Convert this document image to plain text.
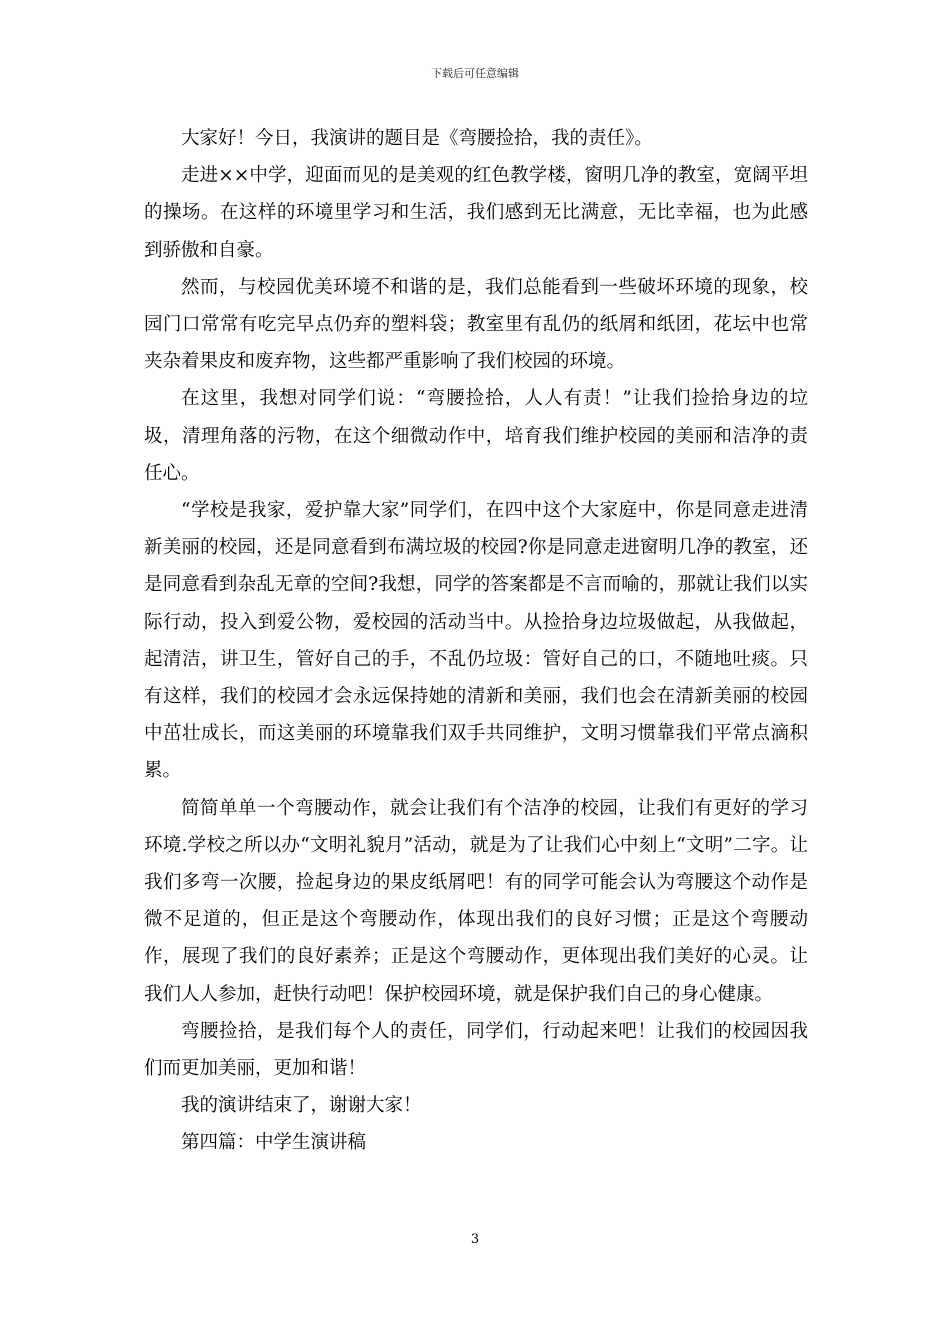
下载后可任意编辑

大家好！今日，我演讲的题目是《弯腰捡拾，我的责任》。

走进××中学，迎面而见的是美观的红色教学楼，窗明几净的教室，宽阔平坦的操场。在这样的环境里学习和生活，我们感到无比满意，无比幸福，也为此感到骄傲和自豪。

然而，与校园优美环境不和谐的是，我们总能看到一些破坏环境的现象，校园门口常常有吃完早点仍弃的塑料袋；教室里有乱仍的纸屑和纸团，花坛中也常夹杂着果皮和废弃物，这些都严重影响了我们校园的环境。

在这里，我想对同学们说：“弯腰捡拾，人人有责！”让我们捡拾身边的垃圾，清理角落的污物，在这个细微动作中，培育我们维护校园的美丽和洁净的责任心。

“学校是我家，爱护靠大家”同学们，在四中这个大家庭中，你是同意走进清新美丽的校园，还是同意看到布满垃圾的校园?你是同意走进窗明几净的教室，还是同意看到杂乱无章的空间?我想，同学的答案都是不言而喻的，那就让我们以实际行动，投入到爱公物，爱校园的活动当中。从捡拾身边垃圾做起，从我做起，起清洁，讲卫生，管好自己的手，不乱仍垃圾：管好自己的口，不随地吐痰。只有这样，我们的校园才会永远保持她的清新和美丽，我们也会在清新美丽的校园中茁壮成长，而这美丽的环境靠我们双手共同维护，文明习惯靠我们平常点滴积累。

简简单单一个弯腰动作，就会让我们有个洁净的校园，让我们有更好的学习环境.学校之所以办“文明礼貌月”活动，就是为了让我们心中刻上“文明”二字。让我们多弯一次腰，捡起身边的果皮纸屑吧！有的同学可能会认为弯腰这个动作是微不足道的，但正是这个弯腰动作，体现出我们的良好习惯；正是这个弯腰动作，展现了我们的良好素养；正是这个弯腰动作，更体现出我们美好的心灵。让我们人人参加，赶快行动吧！保护校园环境，就是保护我们自己的身心健康。

弯腰捡拾，是我们每个人的责任，同学们，行动起来吧！让我们的校园因我们而更加美丽，更加和谐！

我的演讲结束了，谢谢大家！

第四篇：中学生演讲稿

3
